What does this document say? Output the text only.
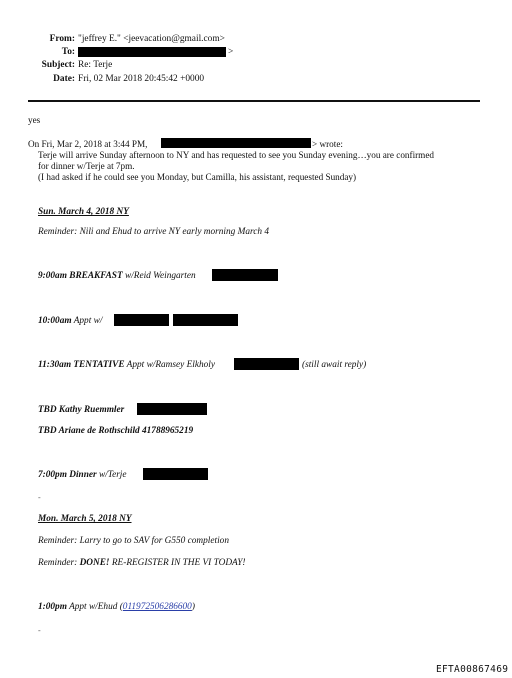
From: "jeffrey E." <jeevacation@gmail.com>
To:	>
Subject: Re: Terje
Date: Fri, 02 Mar 2018 20:45:42 +0000
yes
On Fri, Mar 2, 2018 at 3:44 PM,	> wrote:
Terje will arrive Sunday afternoon to NY and has requested to see you Sunday evening…you are confirmed
for dinner w/Terje at 7pm.
(I had asked if he could see you Monday, but Camilla, his assistant, requested Sunday)
Sun. March 4, 2018 NY
Reminder: Nili and Ehud to arrive NY early morning March 4
9:00am BREAKFAST w/Reid Weingarten
10:00am Appt w/
11:30am TENTATIVE Appt w/Ramsey Elkholy	(still await reply)
TBD Kathy Ruemmler
TBD Ariane de Rothschild 41788965219
7:00pm Dinner w/Terje
-
Mon. March 5, 2018 NY
Reminder: Larry to go to SAV for G550 completion
Reminder: DONE! RE-REGISTER IN THE VI TODAY!
1:00pm Appt w/Ehud (011972506286600)
-
EFTA00867469
